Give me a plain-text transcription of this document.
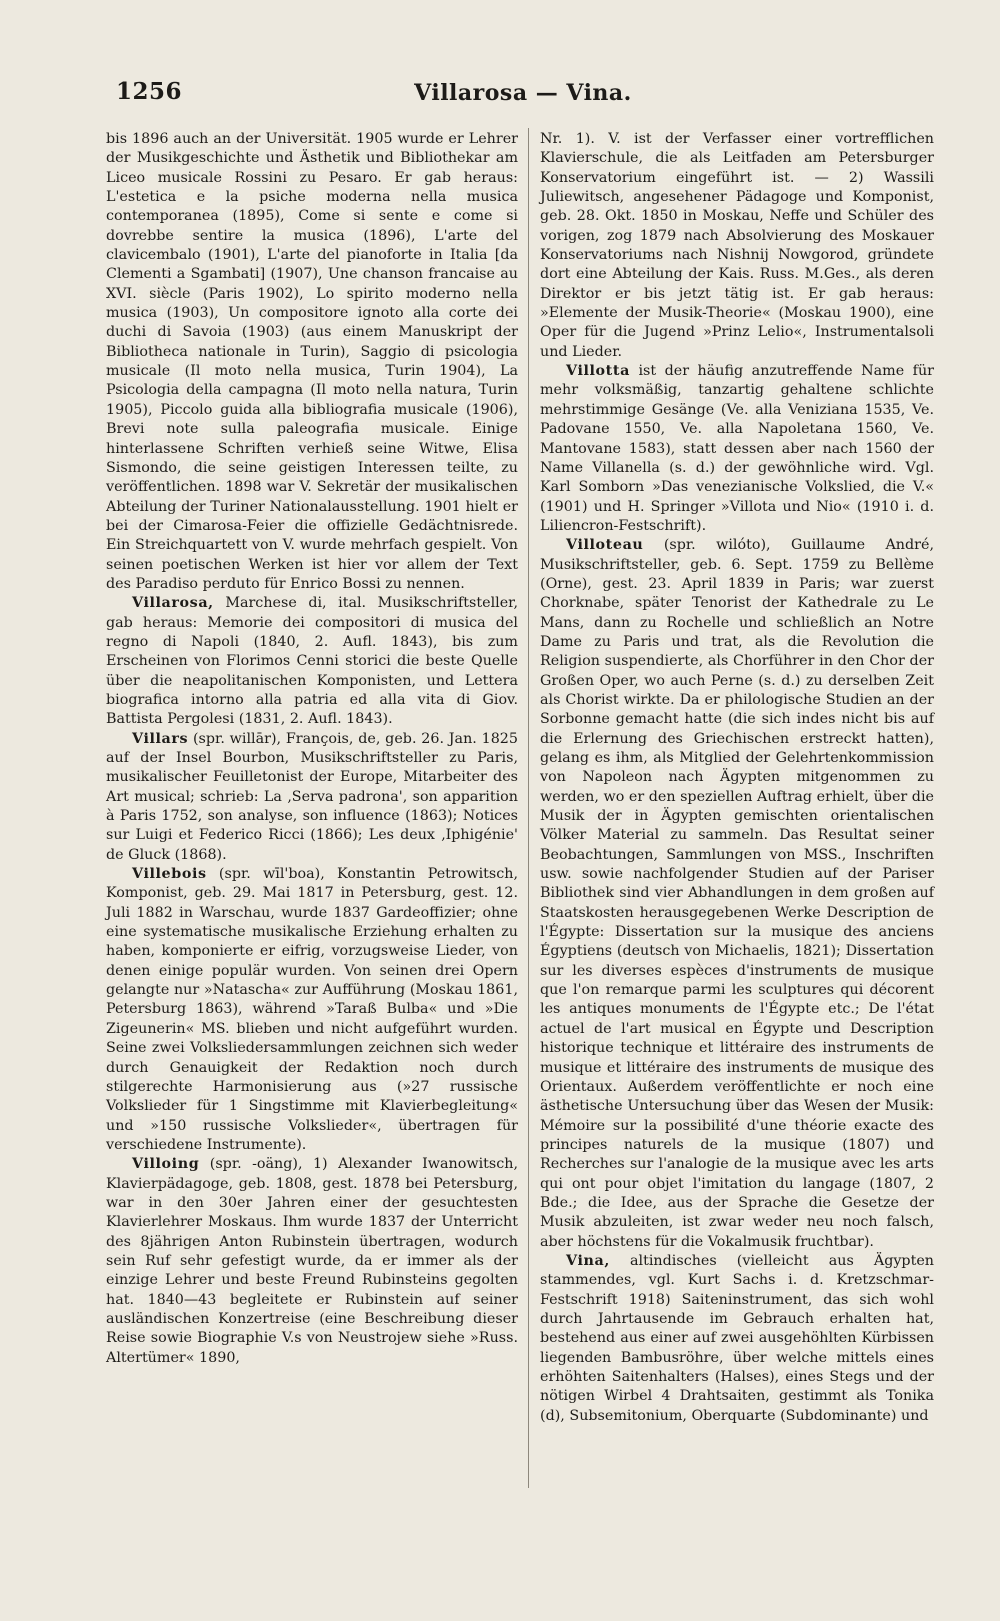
1256	Villarosa — Vina.

bis 1896 auch an der Universität. 1905 wurde er Lehrer der Musikgeschichte und Ästhetik und Bibliothekar am Liceo musicale Rossini zu Pesaro. Er gab heraus: L'estetica e la psiche moderna nella musica contemporanea (1895), Come si sente e come si dovrebbe sentire la musica (1896), L'arte del clavicembalo (1901), L'arte del pianoforte in Italia [da Clementi a Sgambati] (1907), Une chanson francaise au XVI. siècle (Paris 1902), Lo spirito moderno nella musica (1903), Un compositore ignoto alla corte dei duchi di Savoia (1903) (aus einem Manuskript der Bibliotheca nationale in Turin), Saggio di psicologia musicale (Il moto nella musica, Turin 1904), La Psicologia della campagna (Il moto nella natura, Turin 1905), Piccolo guida alla bibliografia musicale (1906), Brevi note sulla paleografia musicale. Einige hinterlassene Schriften verhieß seine Witwe, Elisa Sismondo, die seine geistigen Interessen teilte, zu veröffentlichen. 1898 war V. Sekretär der musikalischen Abteilung der Turiner Nationalausstellung. 1901 hielt er bei der Cimarosa-Feier die offizielle Gedächtnisrede. Ein Streichquartett von V. wurde mehrfach gespielt. Von seinen poetischen Werken ist hier vor allem der Text des Paradiso perduto für Enrico Bossi zu nennen.

Villarosa, Marchese di, ital. Musikschriftsteller, gab heraus: Memorie dei compositori di musica del regno di Napoli (1840, 2. Aufl. 1843), bis zum Erscheinen von Florimos Cenni storici die beste Quelle über die neapolitanischen Komponisten, und Lettera biografica intorno alla patria ed alla vita di Giov. Battista Pergolesi (1831, 2. Aufl. 1843).

Villars (spr. willār), François, de, geb. 26. Jan. 1825 auf der Insel Bourbon, Musikschriftsteller zu Paris, musikalischer Feuilletonist der Europe, Mitarbeiter des Art musical; schrieb: La ‚Serva padrona', son apparition à Paris 1752, son analyse, son influence (1863); Notices sur Luigi et Federico Ricci (1866); Les deux ‚Iphigénie' de Gluck (1868).

Villebois (spr. wīl'boa), Konstantin Petrowitsch, Komponist, geb. 29. Mai 1817 in Petersburg, gest. 12. Juli 1882 in Warschau, wurde 1837 Gardeoffizier; ohne eine systematische musikalische Erziehung erhalten zu haben, komponierte er eifrig, vorzugsweise Lieder, von denen einige populär wurden. Von seinen drei Opern gelangte nur »Natascha« zur Aufführung (Moskau 1861, Petersburg 1863), während »Taraß Bulba« und »Die Zigeunerin« MS. blieben und nicht aufgeführt wurden. Seine zwei Volksliedersammlungen zeichnen sich weder durch Genauigkeit der Redaktion noch durch stilgerechte Harmonisierung aus (»27 russische Volkslieder für 1 Singstimme mit Klavierbegleitung« und »150 russische Volkslieder«, übertragen für verschiedene Instrumente).

Villoing (spr. -oäng), 1) Alexander Iwanowitsch, Klavierpädagoge, geb. 1808, gest. 1878 bei Petersburg, war in den 30er Jahren einer der gesuchtesten Klavierlehrer Moskaus. Ihm wurde 1837 der Unterricht des 8jährigen Anton Rubinstein übertragen, wodurch sein Ruf sehr gefestigt wurde, da er immer als der einzige Lehrer und beste Freund Rubinsteins gegolten hat. 1840—43 begleitete er Rubinstein auf seiner ausländischen Konzertreise (eine Beschreibung dieser Reise sowie Biographie V.s von Neustrojew siehe »Russ. Altertümer« 1890,

Nr. 1). V. ist der Verfasser einer vortrefflichen Klavierschule, die als Leitfaden am Petersburger Konservatorium eingeführt ist. — 2) Wassili Juliewitsch, angesehener Pädagoge und Komponist, geb. 28. Okt. 1850 in Moskau, Neffe und Schüler des vorigen, zog 1879 nach Absolvierung des Moskauer Konservatoriums nach Nishnij Nowgorod, gründete dort eine Abteilung der Kais. Russ. M.Ges., als deren Direktor er bis jetzt tätig ist. Er gab heraus: »Elemente der Musik-Theorie« (Moskau 1900), eine Oper für die Jugend »Prinz Lelio«, Instrumentalsoli und Lieder.

Villotta ist der häufig anzutreffende Name für mehr volksmäßig, tanzartig gehaltene schlichte mehrstimmige Gesänge (Ve. alla Veniziana 1535, Ve. Padovane 1550, Ve. alla Napoletana 1560, Ve. Mantovane 1583), statt dessen aber nach 1560 der Name Villanella (s. d.) der gewöhnliche wird. Vgl. Karl Somborn »Das venezianische Volkslied, die V.« (1901) und H. Springer »Villota und Nio« (1910 i. d. Liliencron-Festschrift).

Villoteau (spr. wilóto), Guillaume André, Musikschriftsteller, geb. 6. Sept. 1759 zu Bellème (Orne), gest. 23. April 1839 in Paris; war zuerst Chorknabe, später Tenorist der Kathedrale zu Le Mans, dann zu Rochelle und schließlich an Notre Dame zu Paris und trat, als die Revolution die Religion suspendierte, als Chorführer in den Chor der Großen Oper, wo auch Perne (s. d.) zu derselben Zeit als Chorist wirkte. Da er philologische Studien an der Sorbonne gemacht hatte (die sich indes nicht bis auf die Erlernung des Griechischen erstreckt hatten), gelang es ihm, als Mitglied der Gelehrtenkommission von Napoleon nach Ägypten mitgenommen zu werden, wo er den speziellen Auftrag erhielt, über die Musik der in Ägypten gemischten orientalischen Völker Material zu sammeln. Das Resultat seiner Beobachtungen, Sammlungen von MSS., Inschriften usw. sowie nachfolgender Studien auf der Pariser Bibliothek sind vier Abhandlungen in dem großen auf Staatskosten herausgegebenen Werke Description de l'Égypte: Dissertation sur la musique des anciens Égyptiens (deutsch von Michaelis, 1821); Dissertation sur les diverses espèces d'instruments de musique que l'on remarque parmi les sculptures qui décorent les antiques monuments de l'Égypte etc.; De l'état actuel de l'art musical en Égypte und Description historique technique et littéraire des instruments de musique et littéraire des instruments de musique des Orientaux. Außerdem veröffentlichte er noch eine ästhetische Untersuchung über das Wesen der Musik: Mémoire sur la possibilité d'une théorie exacte des principes naturels de la musique (1807) und Recherches sur l'analogie de la musique avec les arts qui ont pour objet l'imitation du langage (1807, 2 Bde.; die Idee, aus der Sprache die Gesetze der Musik abzuleiten, ist zwar weder neu noch falsch, aber höchstens für die Vokalmusik fruchtbar).

Vina, altindisches (vielleicht aus Ägypten stammendes, vgl. Kurt Sachs i. d. Kretzschmar-Festschrift 1918) Saiteninstrument, das sich wohl durch Jahrtausende im Gebrauch erhalten hat, bestehend aus einer auf zwei ausgehöhlten Kürbissen liegenden Bambusröhre, über welche mittels eines erhöhten Saitenhalters (Halses), eines Stegs und der nötigen Wirbel 4 Drahtsaiten, gestimmt als Tonika (d), Subsemitonium, Oberquarte (Subdominante) und
